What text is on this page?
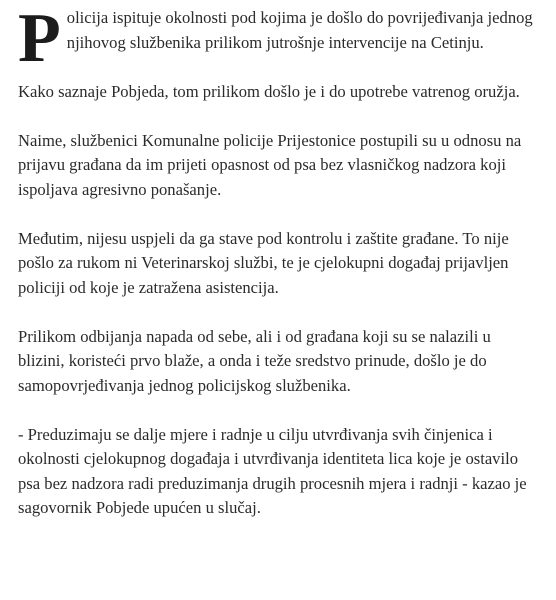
Policija ispituje okolnosti pod kojima je došlo do povrijeđivanja jednog njihovog službenika prilikom jutrošnje intervencije na Cetinju.

Kako saznaje Pobjeda, tom prilikom došlo je i do upotrebe vatrenog oružja.

Naime, službenici Komunalne policije Prijestonice postupili su u odnosu na prijavu građana da im prijeti opasnost od psa bez vlasničkog nadzora koji ispoljava agresivno ponašanje.

Međutim, nijesu uspjeli da ga stave pod kontrolu i zaštite građane. To nije pošlo za rukom ni Veterinarskoj službi, te je cjelokupni događaj prijavljen policiji od koje je zatražena asistencija.

Prilikom odbijanja napada od sebe, ali i od građana koji su se nalazili u blizini, koristeći prvo blaže, a onda i teže sredstvo prinude, došlo je do samopovrjeđivanja jednog policijskog službenika.

- Preduzimaju se dalje mjere i radnje u cilju utvrđivanja svih činjenica i okolnosti cjelokupnog događaja i utvrđivanja identiteta lica koje je ostavilo psa bez nadzora radi preduzimanja drugih procesnih mjera i radnji - kazao je sagovornik Pobjede upućen u slučaj.
